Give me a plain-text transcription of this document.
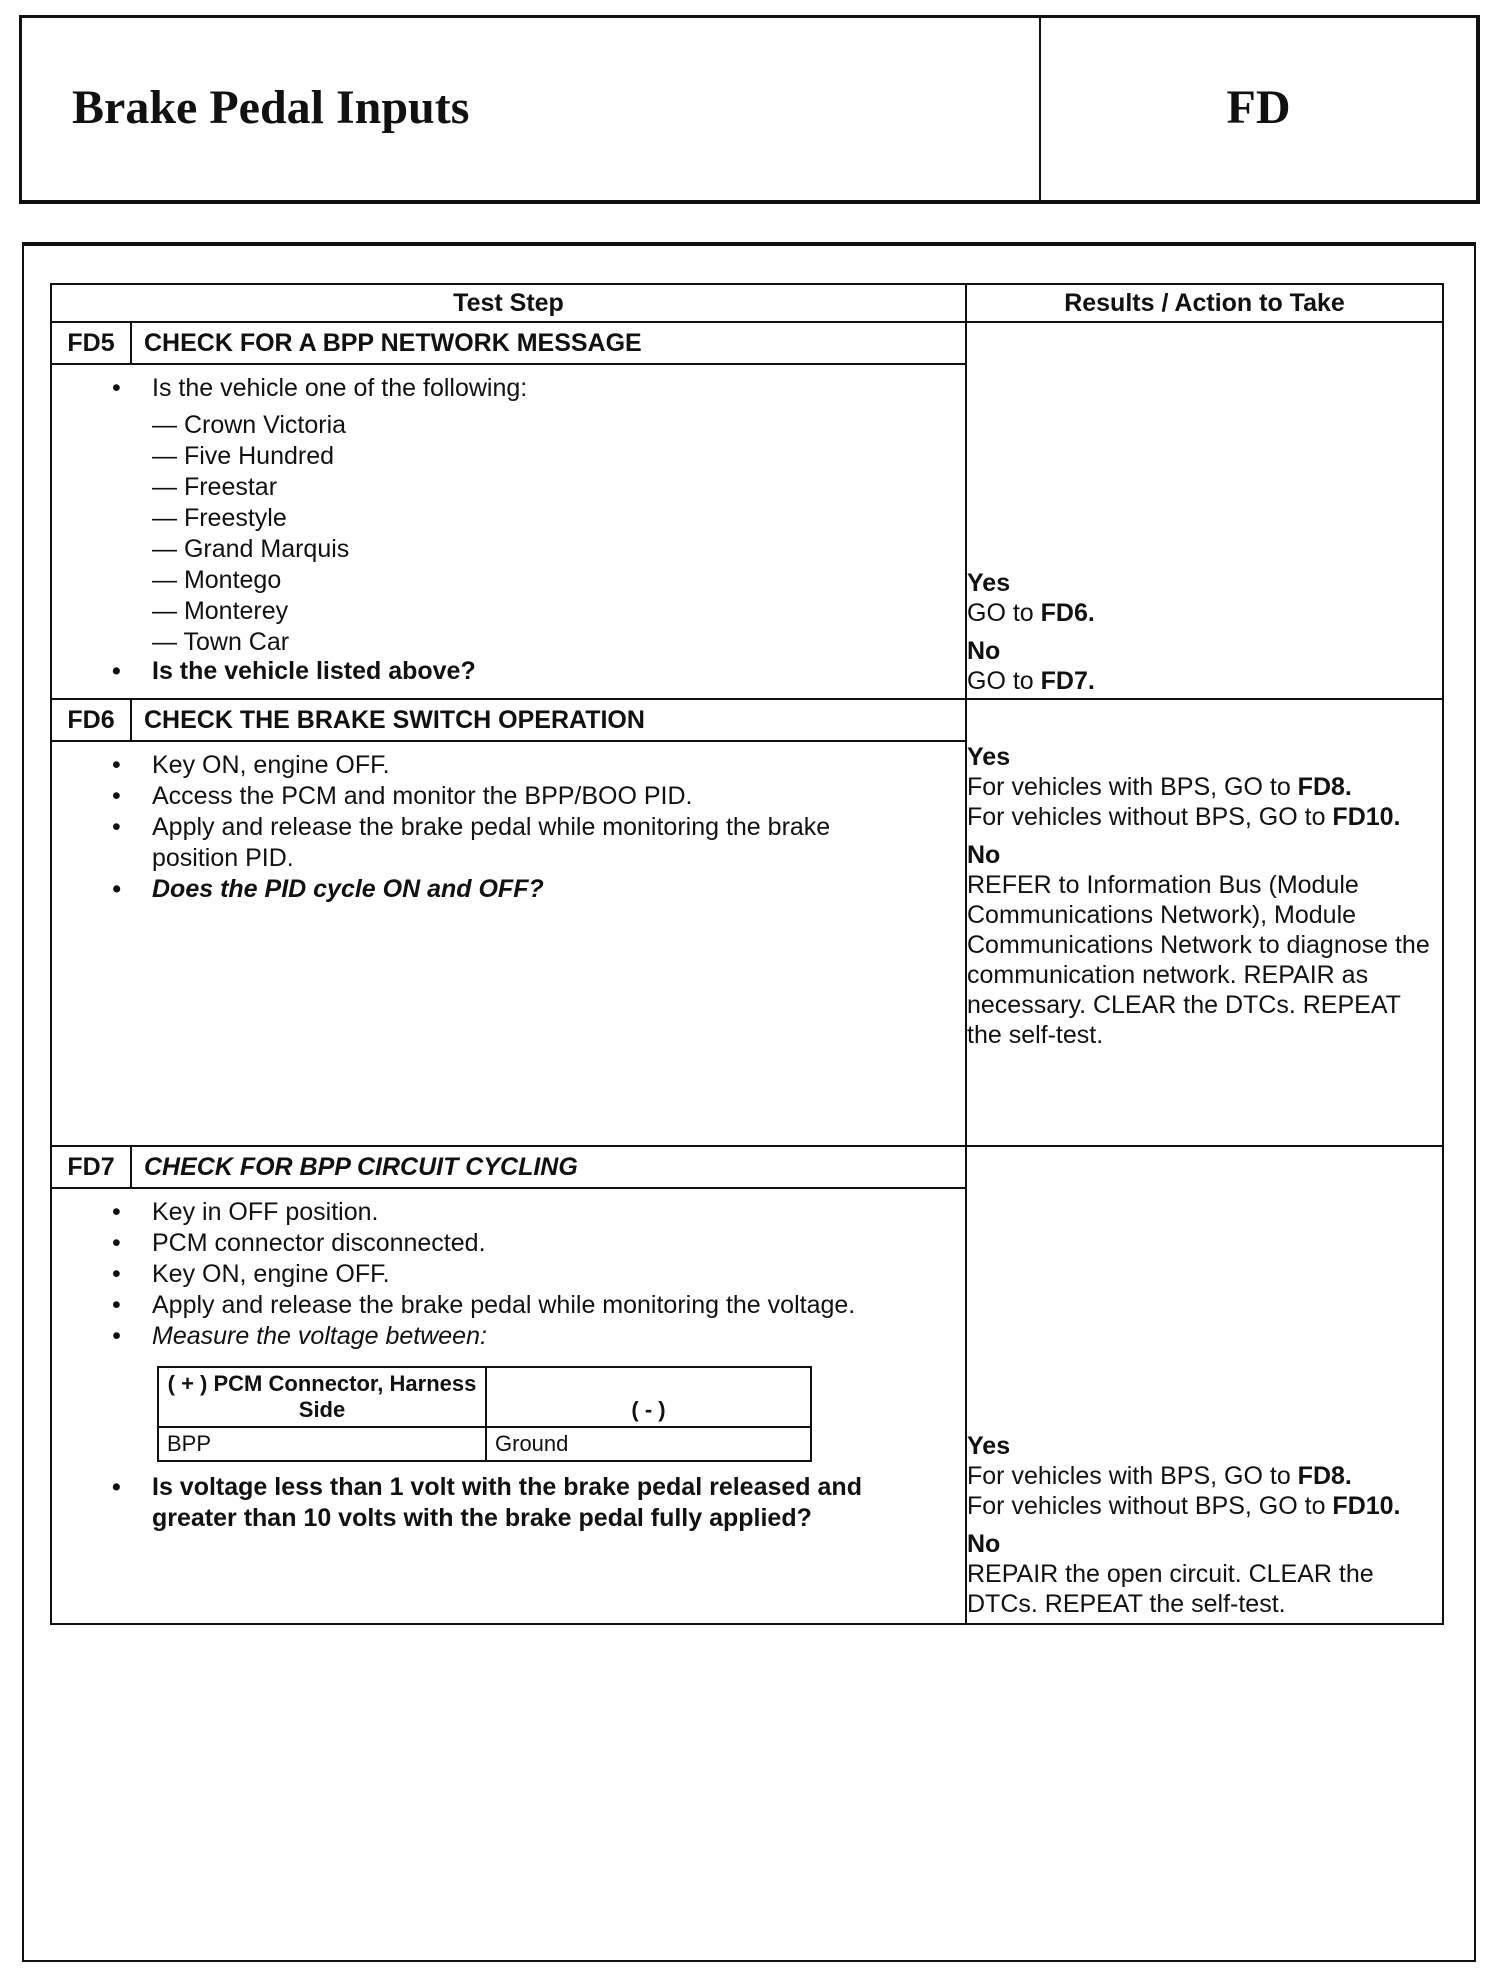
Brake Pedal Inputs	FD
Test Step	Results / Action to Take

FD5	CHECK FOR A BPP NETWORK MESSAGE
• Is the vehicle one of the following:
— Crown Victoria
— Five Hundred
— Freestar
— Freestyle
— Grand Marquis
— Montego
— Monterey
— Town Car
• Is the vehicle listed above?

Yes
GO to FD6.

No
GO to FD7.

FD6	CHECK THE BRAKE SWITCH OPERATION
• Key ON, engine OFF.
• Access the PCM and monitor the BPP/BOO PID.
• Apply and release the brake pedal while monitoring the brake position PID.
• Does the PID cycle ON and OFF?

Yes
For vehicles with BPS, GO to FD8.

For vehicles without BPS, GO to FD10.

No
REFER to Information Bus (Module Communications Network), Module Communications Network to diagnose the communication network. REPAIR as necessary. CLEAR the DTCs. REPEAT the self-test.

FD7	CHECK FOR BPP CIRCUIT CYCLING
• Key in OFF position.
• PCM connector disconnected.
• Key ON, engine OFF.
• Apply and release the brake pedal while monitoring the voltage.
• Measure the voltage between:
( + ) PCM Connector, Harness Side	( - )
BPP	Ground
• Is voltage less than 1 volt with the brake pedal released and greater than 10 volts with the brake pedal fully applied?

Yes
For vehicles with BPS, GO to FD8.

For vehicles without BPS, GO to FD10.

No
REPAIR the open circuit. CLEAR the DTCs. REPEAT the self-test.
